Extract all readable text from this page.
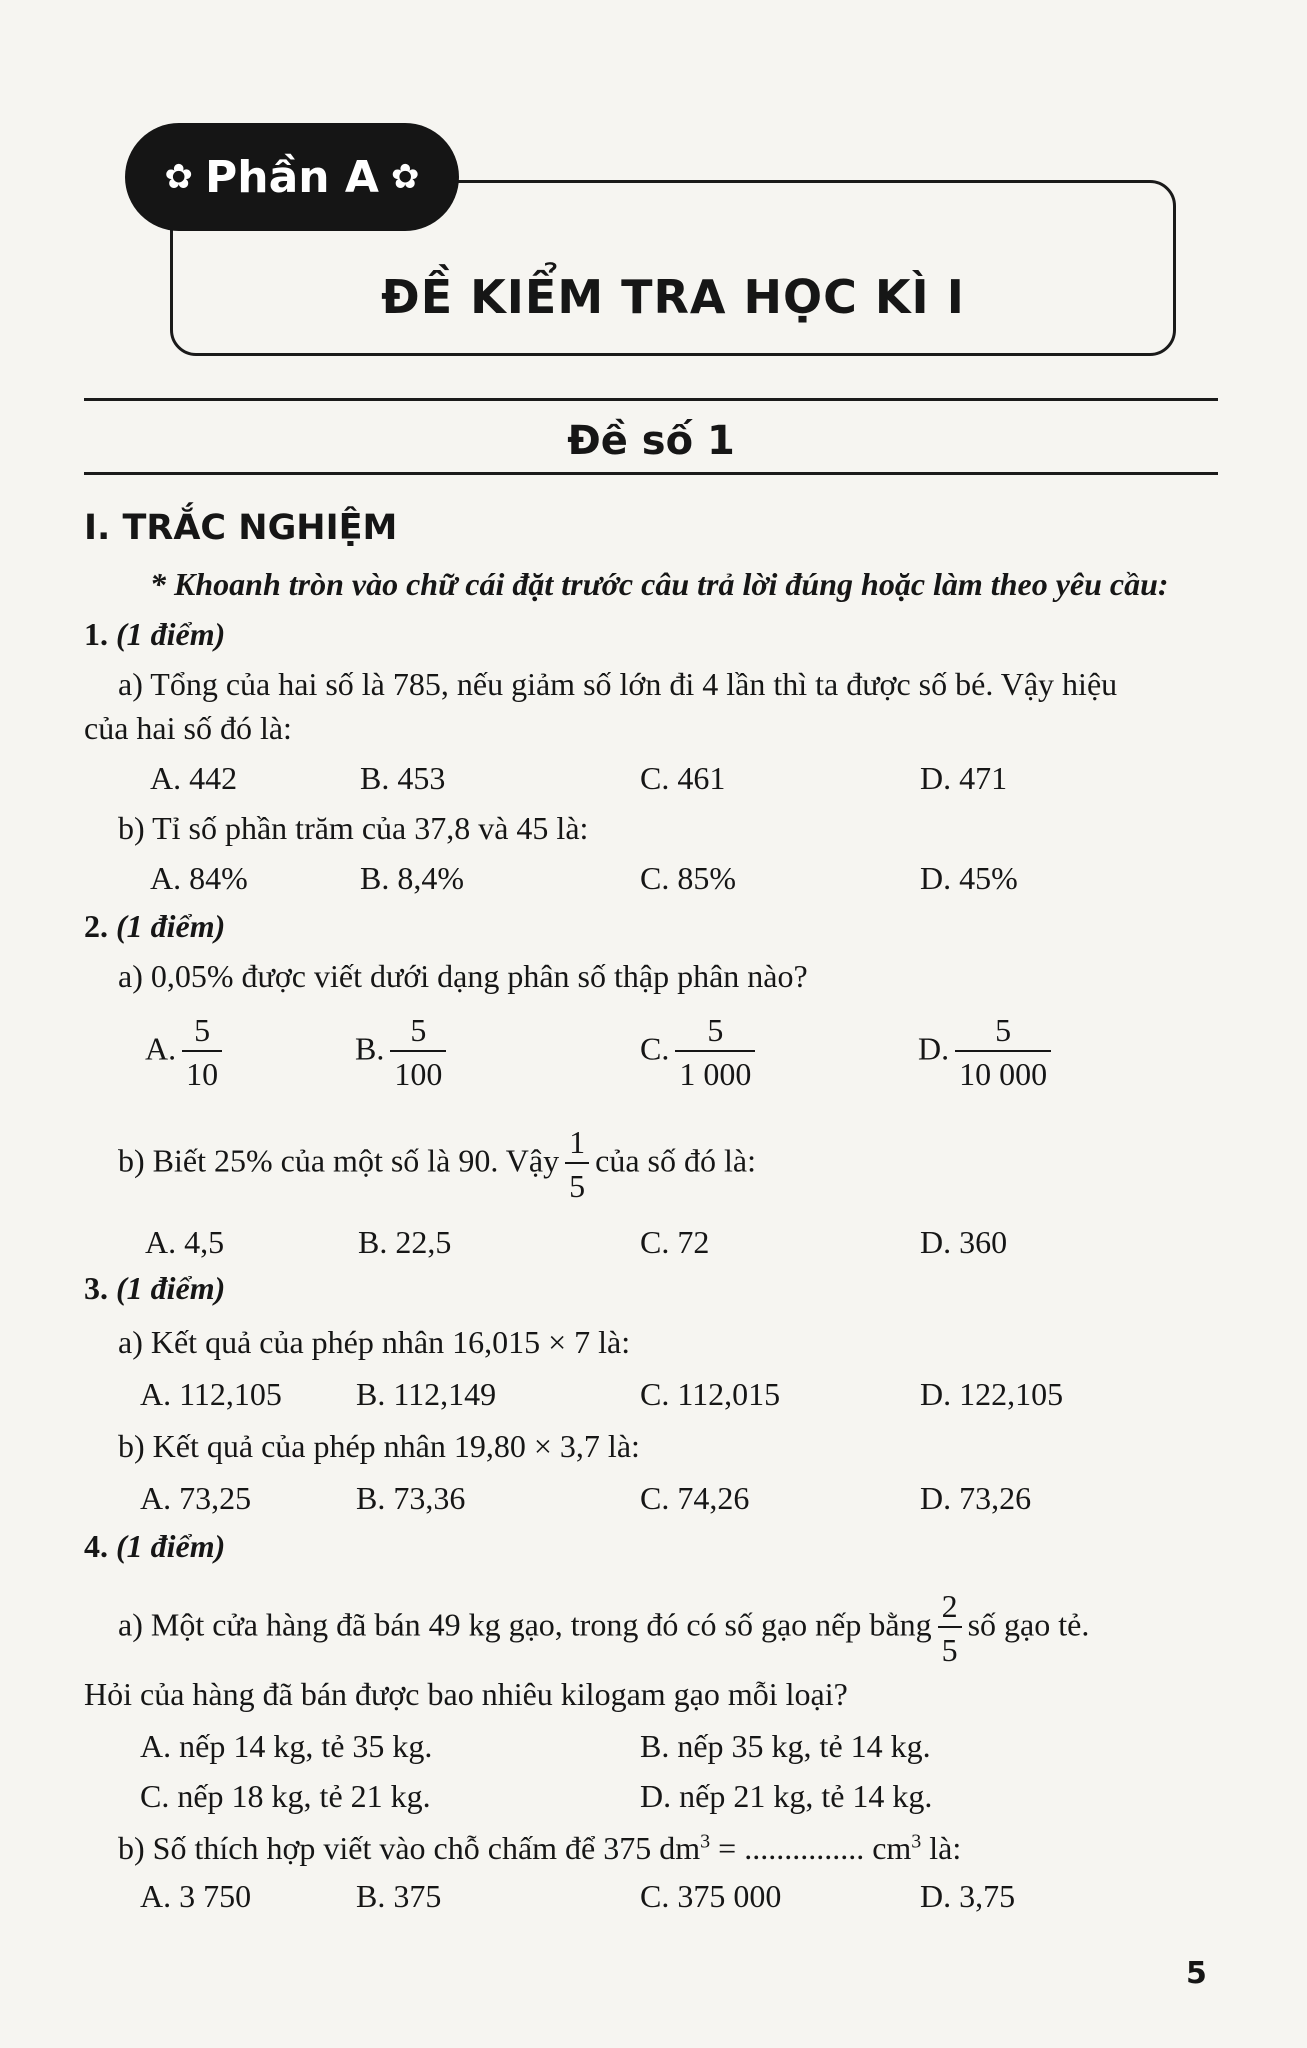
✿ Phần A ✿
ĐỀ KIỂM TRA HỌC KÌ I
Đề số 1
I. TRẮC NGHIỆM
* Khoanh tròn vào chữ cái đặt trước câu trả lời đúng hoặc làm theo yêu cầu:
1. (1 điểm)
a) Tổng của hai số là 785, nếu giảm số lớn đi 4 lần thì ta được số bé. Vậy hiệu
của hai số đó là:
A. 442	B. 453	C. 461	D. 471
b) Tỉ số phần trăm của 37,8 và 45 là:
A. 84%	B. 8,4%	C. 85%	D. 45%
2. (1 điểm)
a) 0,05% được viết dưới dạng phân số thập phân nào?
A. $\frac{5}{10}$	B. $\frac{5}{100}$	C. $\frac{5}{1 000}$	D. $\frac{5}{10 000}$
b) Biết 25% của một số là 90. Vậy $\frac{1}{5}$ của số đó là:
A. 4,5	B. 22,5	C. 72	D. 360
3. (1 điểm)
a) Kết quả của phép nhân 16,015 × 7 là:
A. 112,105 B. 112,149	C. 112,015	D. 122,105
b) Kết quả của phép nhân 19,80 × 3,7 là:
A. 73,25	B. 73,36	C. 74,26	D. 73,26
4. (1 điểm)
a) Một cửa hàng đã bán 49 kg gạo, trong đó có số gạo nếp bằng $\frac{2}{5}$ số gạo tẻ.
Hỏi của hàng đã bán được bao nhiêu kilogam gạo mỗi loại?
A. nếp 14 kg, tẻ 35 kg.	B. nếp 35 kg, tẻ 14 kg.
C. nếp 18 kg, tẻ 21 kg.	D. nếp 21 kg, tẻ 14 kg.
b) Số thích hợp viết vào chỗ chấm để 375 $dm^3$ = ............... $cm^3$ là:
A. 3 750	B. 375	C. 375 000	D. 3,75
5
